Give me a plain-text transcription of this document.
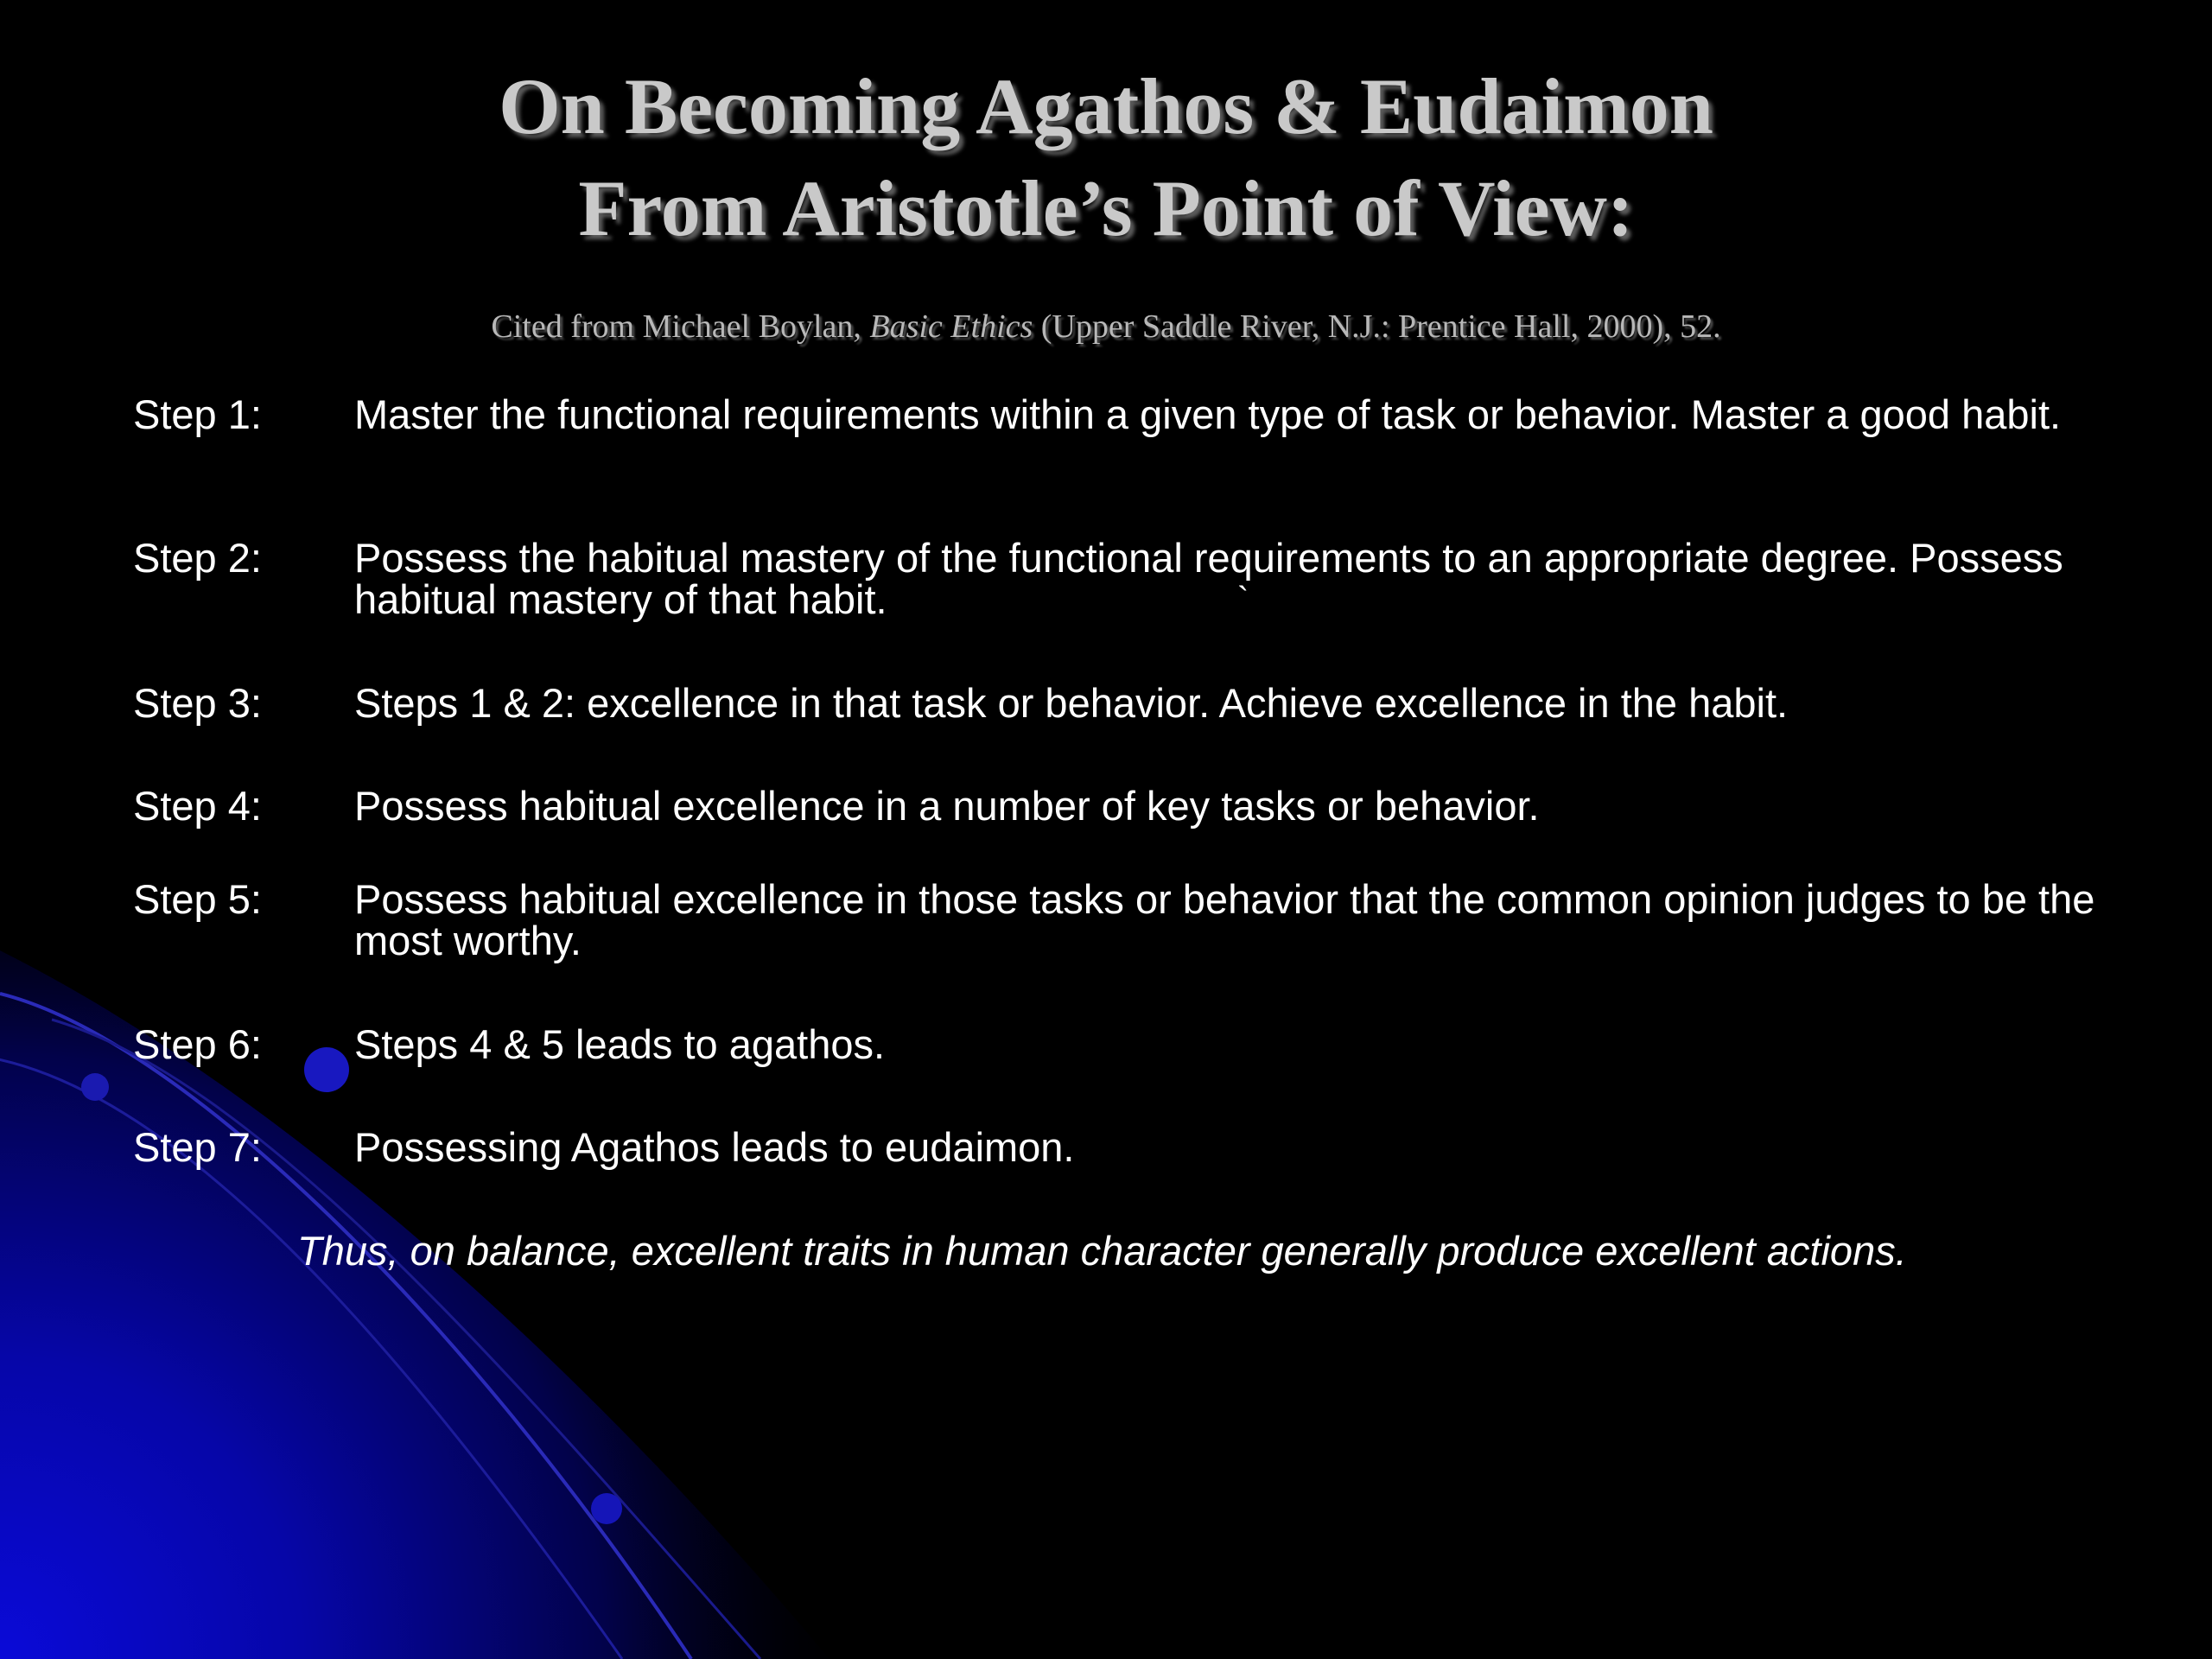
On Becoming Agathos & Eudaimon
From Aristotle’s Point of View:
Cited from Michael Boylan, Basic Ethics (Upper Saddle River, N.J.: Prentice Hall, 2000), 52.
Step 1: Master the functional requirements within a given type of task or behavior. Master a good habit.
Step 2: Possess the habitual mastery of the functional requirements to an appropriate degree. Possess habitual mastery of that habit.	`
Step 3: Steps 1 & 2: excellence in that task or behavior. Achieve excellence in the habit.
Step 4: Possess habitual excellence in a number of key tasks or behavior.
Step 5: Possess habitual excellence in those tasks or behavior that the common opinion judges to be the most worthy.
Step 6: Steps 4 & 5 leads to agathos.
Step 7: Possessing Agathos leads to eudaimon.
Thus, on balance, excellent traits in human character generally produce excellent actions.
